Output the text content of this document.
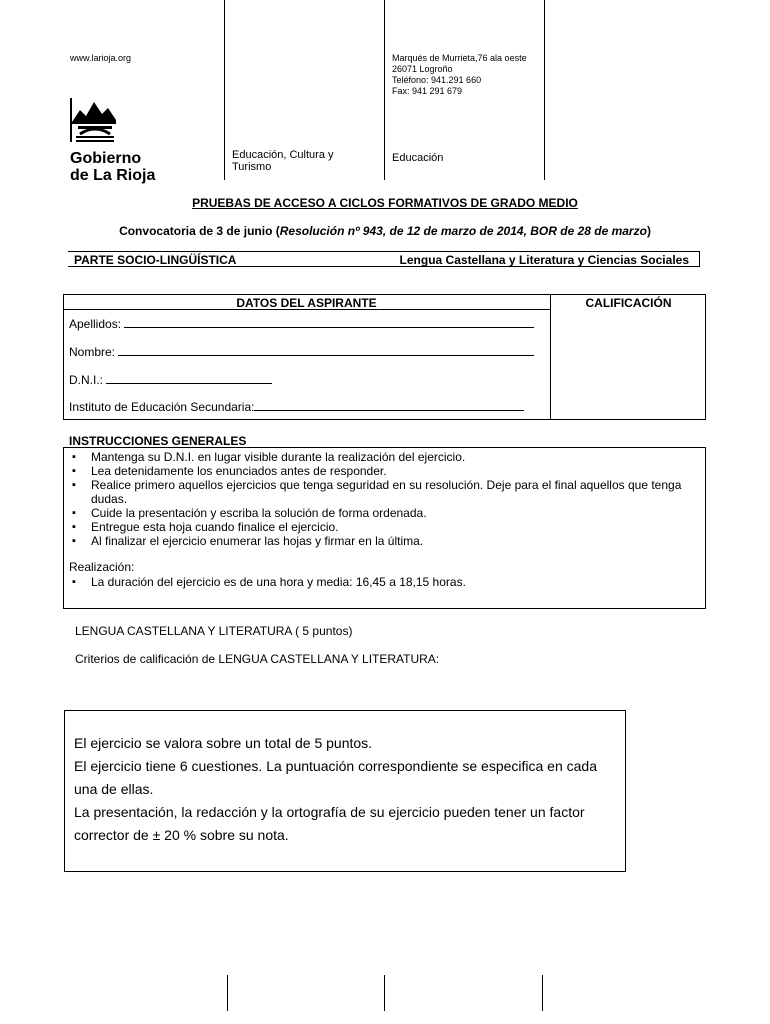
www.larioja.org	Marqués de Murrieta,76 ala oeste
26071 Logroño
Teléfono: 941.291 660
Fax: 941 291 679
Gobierno
de La Rioja
Educación, Cultura y Turismo
Educación
PRUEBAS DE ACCESO A CICLOS FORMATIVOS DE GRADO MEDIO
Convocatoria de 3 de junio (Resolución nº 943, de 12 de marzo de 2014, BOR de 28 de marzo)
PARTE SOCIO-LINGÜÍSTICA	Lengua Castellana y Literatura y Ciencias Sociales
DATOS DEL ASPIRANTE	CALIFICACIÓN
Apellidos:
Nombre:
D.N.I.:
Instituto de Educación Secundaria:
INSTRUCCIONES GENERALES
▪ Mantenga su D.N.I. en lugar visible durante la realización del ejercicio.
▪ Lea detenidamente los enunciados antes de responder.
▪ Realice primero aquellos ejercicios que tenga seguridad en su resolución. Deje para el final aquellos que tenga dudas.
▪ Cuide la presentación y escriba la solución de forma ordenada.
▪ Entregue esta hoja cuando finalice el ejercicio.
▪ Al finalizar el ejercicio enumerar las hojas y firmar en la última.
Realización:
▪ La duración del ejercicio es de una hora y media: 16,45 a 18,15 horas.
LENGUA CASTELLANA Y LITERATURA ( 5 puntos)
Criterios de calificación de LENGUA CASTELLANA Y LITERATURA:
El ejercicio se valora sobre un total de 5 puntos.
El ejercicio tiene 6 cuestiones. La puntuación correspondiente se especifica en cada
una de ellas.
La presentación, la redacción y la ortografía de su ejercicio pueden tener un factor
corrector de ± 20 % sobre su nota.
